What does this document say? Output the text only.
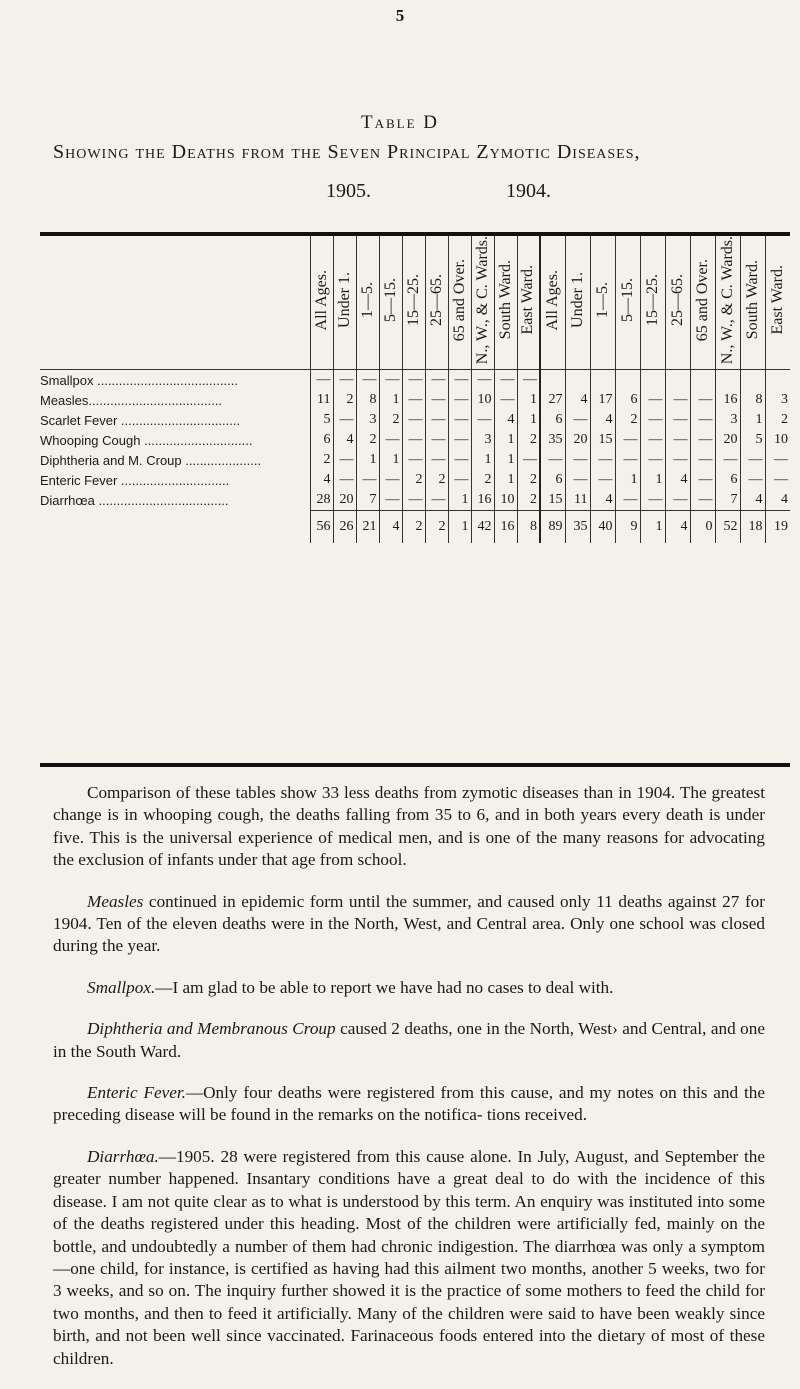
5
Table D
Showing the Deaths from the Seven Principal Zymotic Diseases,
1905.	1904.
	All Ages.	Under 1.	1—5.	5—15.	15—25.	25—65.	65 and Over.	N., W., & C. Wards.	South Ward.	East Ward.	All Ages.	Under 1.	1—5.	5—15.	15—25.	25—65.	65 and Over.	N., W., & C. Wards.	South Ward.	East Ward.
Smallpox .......................................	—	—	—	—	—	—	—	—	—	—										
Measles.....................................	11	2	8	1	—	—	—	10	—	1	27	4	17	6	—	—	—	16	8	3
Scarlet Fever .................................	5	—	3	2	—	—	—	—	4	1	6	—	4	2	—	—	—	3	1	2
Whooping Cough ..............................	6	4	2	—	—	—	—	3	1	2	35	20	15	—	—	—	—	20	5	10
Diphtheria and M. Croup .....................	2	—	1	1	—	—	—	1	1	—	—	—	—	—	—	—	—	—	—	—
Enteric Fever ..............................	4	—	—	—	2	2	—	2	1	2	6	—	—	1	1	4	—	6	—	—
Diarrhœa ....................................	28	20	7	—	—	—	1	16	10	2	15	11	4	—	—	—	—	7	4	4
	56	26	21	4	2	2	1	42	16	8	89	35	40	9	1	4	0	52	18	19

Comparison of these tables show 33 less deaths from zymotic diseases than in 1904. The greatest change is in whooping cough, the deaths falling from 35 to 6, and in both years every death is under five. This is the universal experience of medical men, and is one of the many reasons for advocating the exclusion of infants under that age from school.

Measles continued in epidemic form until the summer, and caused only 11 deaths against 27 for 1904. Ten of the eleven deaths were in the North, West, and Central area. Only one school was closed during the year.

Smallpox.—I am glad to be able to report we have had no cases to deal with.

Diphtheria and Membranous Croup caused 2 deaths, one in the North, West› and Central, and one in the South Ward.

Enteric Fever.—Only four deaths were registered from this cause, and my notes on this and the preceding disease will be found in the remarks on the notifica- tions received.

Diarrhœa.—1905. 28 were registered from this cause alone. In July, August, and September the greater number happened. Insantary conditions have a great deal to do with the incidence of this disease. I am not quite clear as to what is understood by this term. An enquiry was instituted into some of the deaths registered under this heading. Most of the children were artificially fed, mainly on the bottle, and undoubtedly a number of them had chronic indigestion. The diarrhœa was only a symptom—one child, for instance, is certified as having had this ailment two months, another 5 weeks, two for 3 weeks, and so on. The inquiry further showed it is the practice of some mothers to feed the child for two months, and then to feed it artificially. Many of the children were said to have been weakly since birth, and not been well since vaccinated. Farinaceous foods entered into the dietary of most of these children.
